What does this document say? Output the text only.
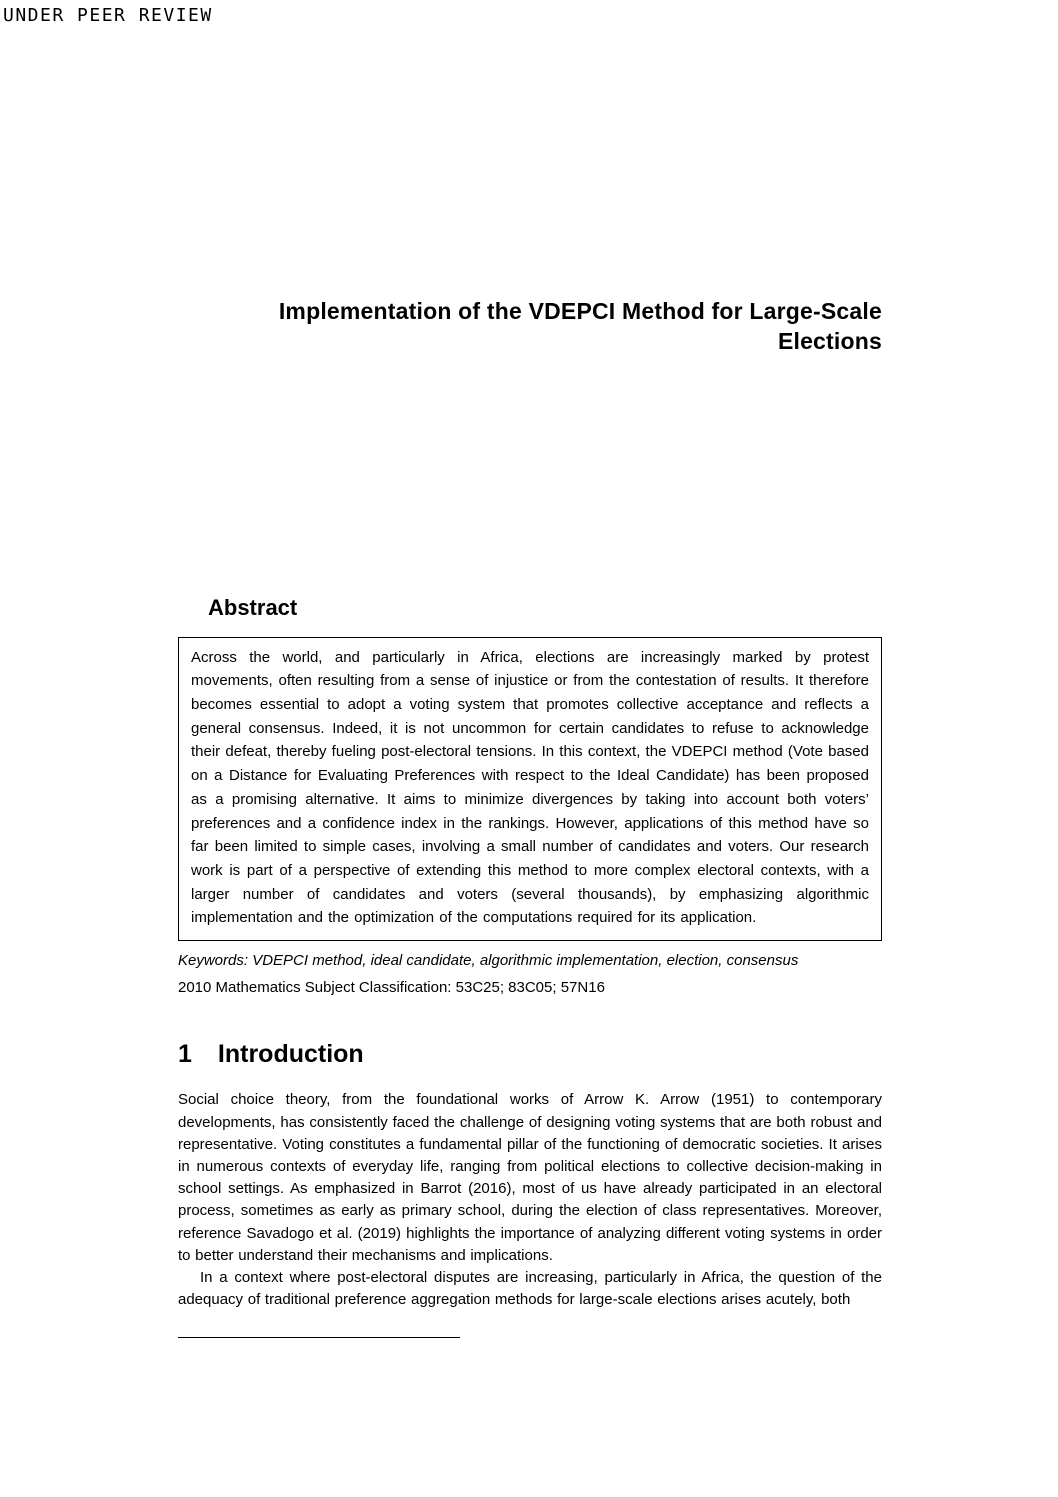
UNDER PEER REVIEW
Implementation of the VDEPCI Method for Large-Scale Elections
Abstract
Across the world, and particularly in Africa, elections are increasingly marked by protest movements, often resulting from a sense of injustice or from the contestation of results. It therefore becomes essential to adopt a voting system that promotes collective acceptance and reflects a general consensus. Indeed, it is not uncommon for certain candidates to refuse to acknowledge their defeat, thereby fueling post-electoral tensions. In this context, the VDEPCI method (Vote based on a Distance for Evaluating Preferences with respect to the Ideal Candidate) has been proposed as a promising alternative. It aims to minimize divergences by taking into account both voters’ preferences and a confidence index in the rankings. However, applications of this method have so far been limited to simple cases, involving a small number of candidates and voters. Our research work is part of a perspective of extending this method to more complex electoral contexts, with a larger number of candidates and voters (several thousands), by emphasizing algorithmic implementation and the optimization of the computations required for its application.
Keywords: VDEPCI method, ideal candidate, algorithmic implementation, election, consensus
2010 Mathematics Subject Classification: 53C25; 83C05; 57N16
1 Introduction

Social choice theory, from the foundational works of Arrow K. Arrow (1951) to contemporary developments, has consistently faced the challenge of designing voting systems that are both robust and representative. Voting constitutes a fundamental pillar of the functioning of democratic societies. It arises in numerous contexts of everyday life, ranging from political elections to collective decision-making in school settings. As emphasized in Barrot (2016), most of us have already participated in an electoral process, sometimes as early as primary school, during the election of class representatives. Moreover, reference Savadogo et al. (2019) highlights the importance of analyzing different voting systems in order to better understand their mechanisms and implications.

In a context where post-electoral disputes are increasing, particularly in Africa, the question of the adequacy of traditional preference aggregation methods for large-scale elections arises acutely, both
